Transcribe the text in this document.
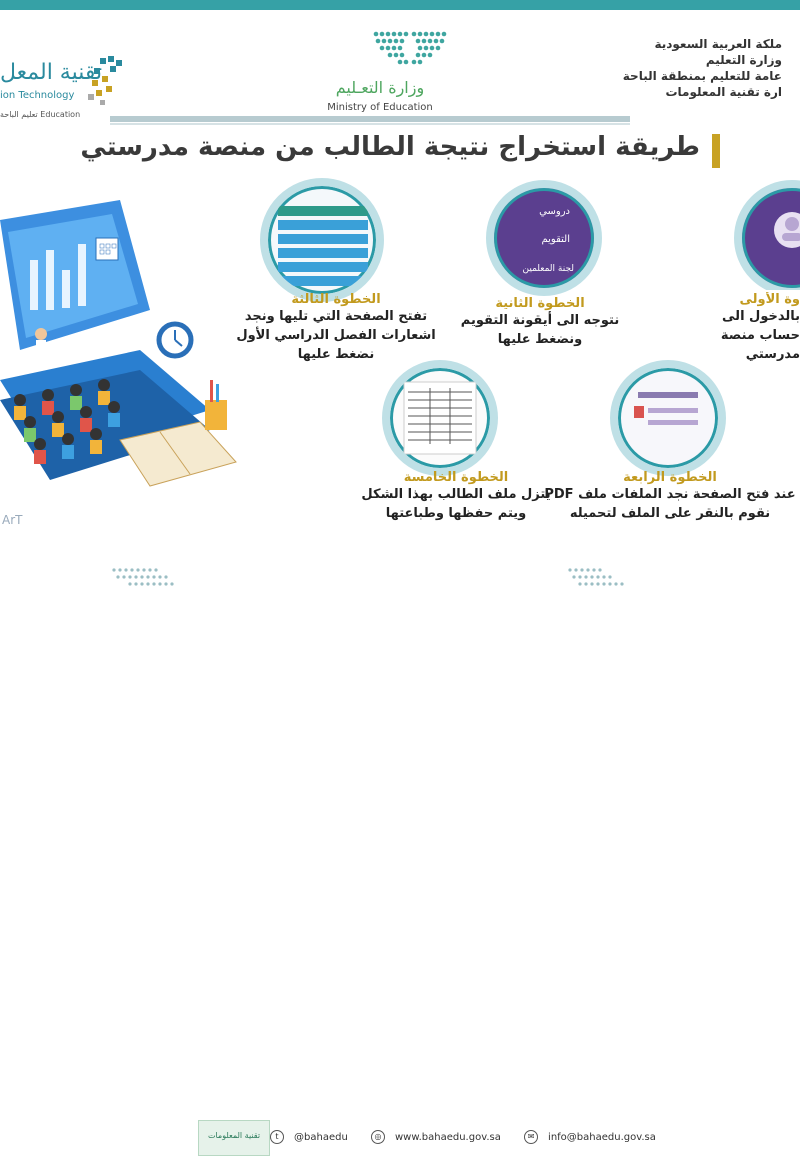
ملكة العربية السعودية
وزارة التعليم
عامة للتعليم بمنطقة الباحة
ارة تقنية المعلومات
وزارة التعـليم
Ministry of Education
تقنية المعل
ion Technology
تعليم الباحة Education
طريقة استخراج نتيجة الطالب من منصة مدرستي
ArT
الخطوة الثالثة
تفتح الصفحة التي تليها ونجد اشعارات الفصل الدراسي الأول نضغط عليها
دروسي
التقويم
لجنة المعلمين
الخطوة الثانية
نتوجه الى أيقونة التقويم ونضغط عليها
وة الأولى
بالدخول الى حساب منصة مدرستي
الخطوة الخامسة
يتزل ملف الطالب بهذا الشكل ويتم حفظها وطباعتها
الخطوة الرابعة
عند فتح الصفحة نجد الملفات ملف PDF نقوم بالنقر على الملف لتحميله
تقنية المعلومات	t @bahaedu	◎ www.bahaedu.gov.sa	✉ info@bahaedu.gov.sa
